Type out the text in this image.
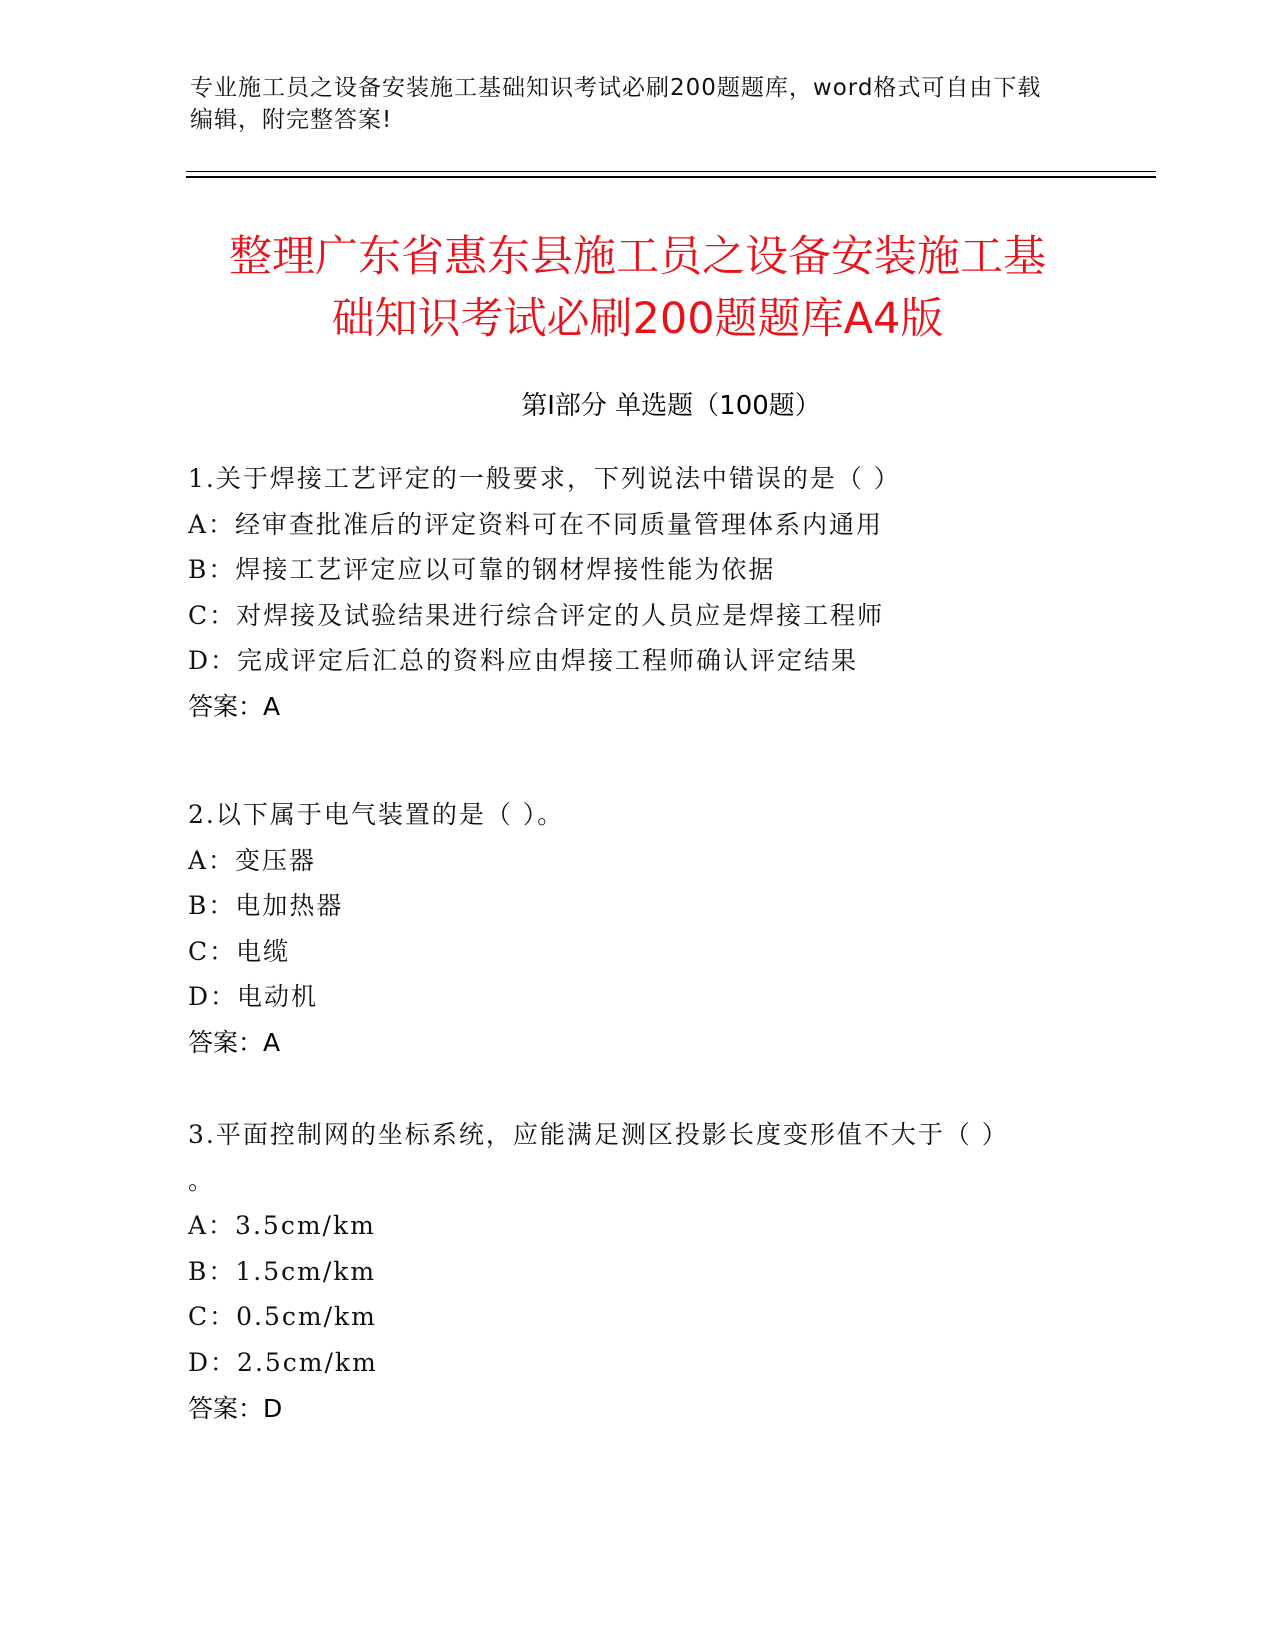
专业施工员之设备安装施工基础知识考试必刷200题题库，word格式可自由下载
编辑，附完整答案!
整理广东省惠东县施工员之设备安装施工基
础知识考试必刷200题题库A4版
第Ⅰ部分 单选题（100题）
1.关于焊接工艺评定的一般要求，下列说法中错误的是（ ）
A：经审查批准后的评定资料可在不同质量管理体系内通用
B：焊接工艺评定应以可靠的钢材焊接性能为依据
C：对焊接及试验结果进行综合评定的人员应是焊接工程师
D：完成评定后汇总的资料应由焊接工程师确认评定结果
答案：A
2.以下属于电气装置的是（ ）。
A：变压器
B：电加热器
C：电缆
D：电动机
答案：A
3.平面控制网的坐标系统，应能满足测区投影长度变形值不大于（ ）
。
A：3.5cm/km
B：1.5cm/km
C：0.5cm/km
D：2.5cm/km
答案：D
